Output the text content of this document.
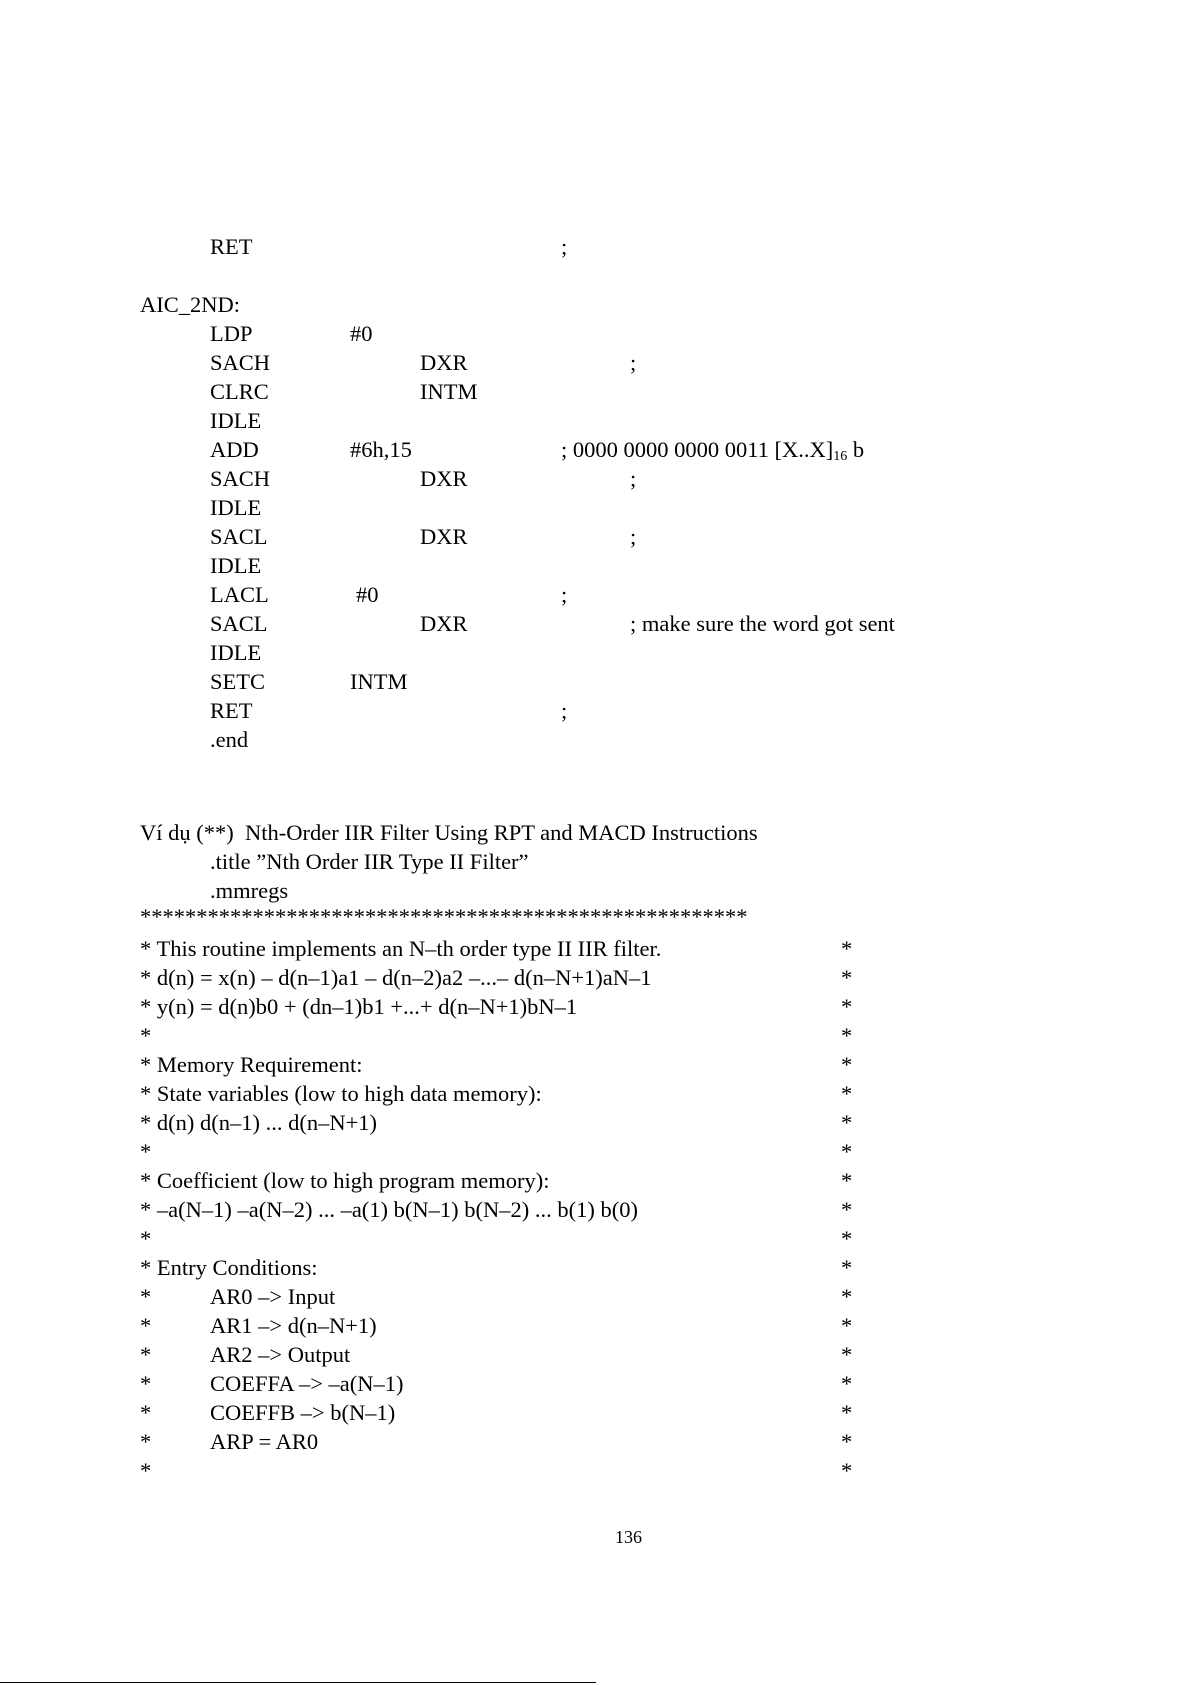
RET	;
AIC_2ND:
LDP	#0
SACH	DXR	;
CLRC	INTM
IDLE
ADD	#6h,15	; 0000 0000 0000 0011 $[X..X]_{16}$ b
SACH	DXR	;
IDLE
SACL	DXR	;
IDLE
LACL	#0	;
SACL	DXR	; make sure the word got sent
IDLE
SETC	INTM
RET	;
.end
Ví dụ (**)  Nth-Order IIR Filter Using RPT and MACD Instructions
.title ”Nth Order IIR Type II Filter”
.mmregs
******************************************************
* This routine implements an N–th order type II IIR filter.	*
* d(n) = x(n) – d(n–1)a1 – d(n–2)a2 –...– d(n–N+1)aN–1	*
* y(n) = d(n)b0 + (dn–1)b1 +...+ d(n–N+1)bN–1	*
*	*
* Memory Requirement:	*
* State variables (low to high data memory):	*
* d(n) d(n–1) ... d(n–N+1)	*
*	*
* Coefficient (low to high program memory):	*
* –a(N–1) –a(N–2) ... –a(1) b(N–1) b(N–2) ... b(1) b(0)	*
*	*
* Entry Conditions:	*
*	AR0 –> Input	*
*	AR1 –> d(n–N+1)	*
*	AR2 –> Output	*
*	COEFFA –> –a(N–1)	*
*	COEFFB –> b(N–1)	*
*	ARP = AR0	*
*	*
136
